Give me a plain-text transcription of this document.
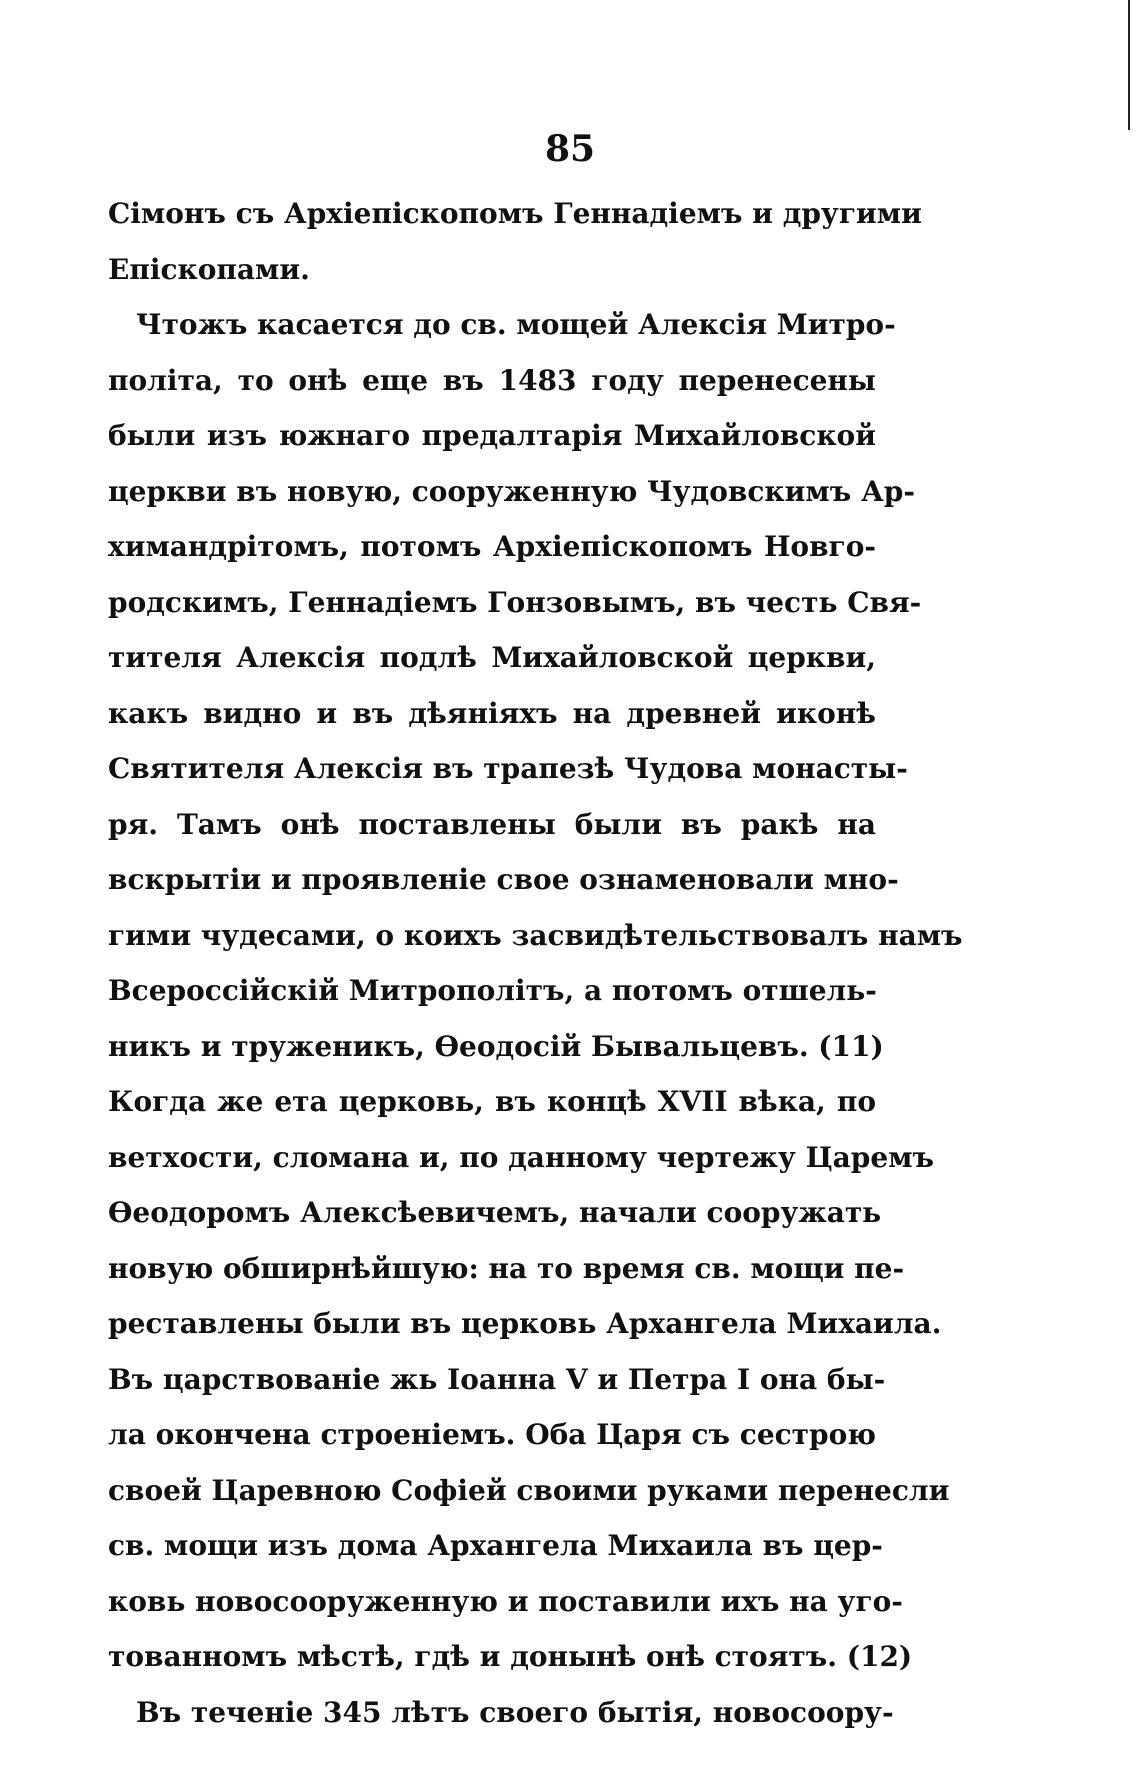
85
Сімонъ съ Архіепіскопомъ Геннадіемъ и другими
Епіскопами.
Чтожъ касается до св. мощей Алексія Митро-
політа, то онѣ еще въ 1483 году перенесены
были изъ южнаго предалтарія Михайловской
церкви въ новую, сооруженную Чудовскимъ Ар-
химандрітомъ, потомъ Архіепіскопомъ Новго-
родскимъ, Геннадіемъ Гонзовымъ, въ честь Свя-
тителя Алексія подлѣ Михайловской церкви,
какъ видно и въ дѣяніяхъ на древней иконѣ
Святителя Алексія въ трапезѣ Чудова монасты-
ря. Тамъ онѣ поставлены были въ ракѣ на
вскрытіи и проявленіе свое ознаменовали мно-
гими чудесами, о коихъ засвидѣтельствовалъ намъ
Всероссійскій Митрополітъ, а потомъ отшель-
никъ и труженикъ, Ѳеодосій Бывальцевъ. (11)
Когда же ета церковь, въ концѣ XVII вѣка, по
ветхости, сломана и, по данному чертежу Царемъ
Ѳеодоромъ Алексѣевичемъ, начали сооружать
новую обширнѣйшую: на то время св. мощи пе-
реставлены были въ церковь Архангела Михаила.
Въ царствованіе жь Іоанна V и Петра I она бы-
ла окончена строеніемъ. Оба Царя съ сестрою
своей Царевною Софіей своими руками перенесли
св. мощи изъ дома Архангела Михаила въ цер-
ковь новосооруженную и поставили ихъ на уго-
тованномъ мѣстѣ, гдѣ и донынѣ онѣ стоятъ. (12)
Въ теченіе 345 лѣтъ своего бытія, новосоору-
